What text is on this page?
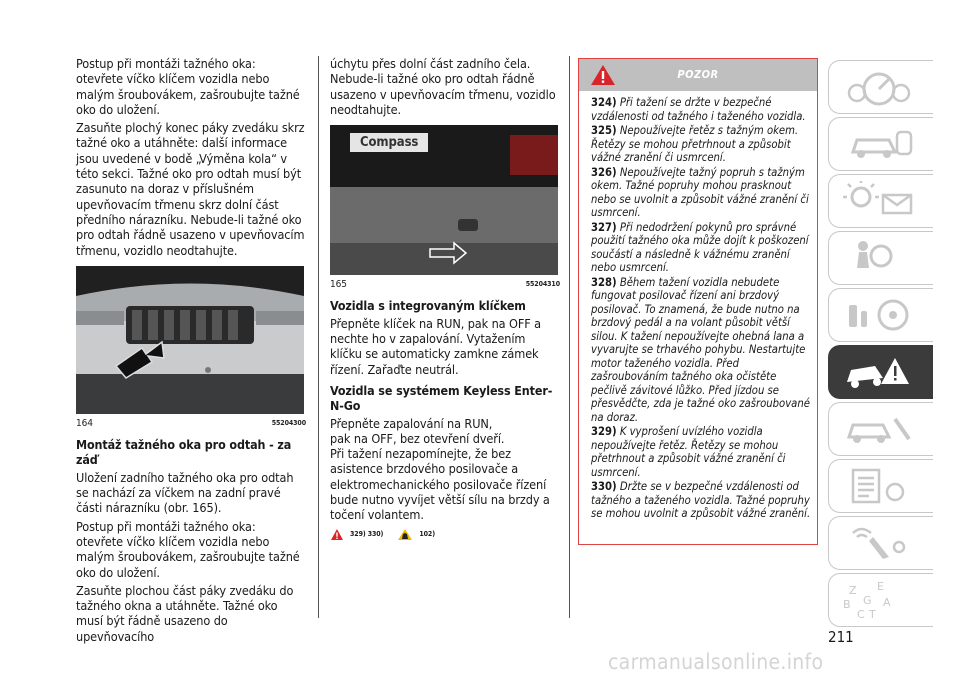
Postup při montáži tažného oka: otevřete víčko klíčem vozidla nebo malým šroubovákem, zašroubujte tažné oko do uložení.

Zasuňte plochý konec páky zvedáku skrz tažné oko a utáhněte: další informace jsou uvedené v bodě „Výměna kola“ v této sekci. Tažné oko pro odtah musí být zasunuto na doraz v příslušném upevňovacím třmenu skrz dolní část předního nárazníku. Nebude-li tažné oko pro odtah řádně usazeno v upevňovacím třmenu, vozidlo neodtahujte.

164	55204300
Montáž tažného oka pro odtah - za záď

Uložení zadního tažného oka pro odtah se nachází za víčkem na zadní pravé části nárazníku (obr. 165).

Postup při montáži tažného oka: otevřete víčko klíčem vozidla nebo malým šroubovákem, zašroubujte tažné oko do uložení.

Zasuňte plochou část páky zvedáku do tažného okna a utáhněte. Tažné oko musí být řádně usazeno do upevňovacího

úchytu přes dolní část zadního čela. Nebude-li tažné oko pro odtah řádně usazeno v upevňovacím třmenu, vozidlo neodtahujte.

Compass
165	55204310
Vozidla s integrovaným klíčkem

Přepněte klíček na RUN, pak na OFF a nechte ho v zapalování. Vytažením klíčku se automaticky zamkne zámek řízení. Zařaďte neutrál.

Vozidla se systémem Keyless Enter-N-Go

Přepněte zapalování na RUN,
pak na OFF, bez otevření dveří.
Při tažení nezapomínejte, že bez asistence brzdového posilovače a elektromechanického posilovače řízení bude nutno vyvíjet větší sílu na brzdy a točení volantem.

329) 330)	102)
POZOR

324) Při tažení se držte v bezpečné vzdálenosti od tažného i taženého vozidla.

325) Nepoužívejte řetěz s tažným okem. Řetězy se mohou přetrhnout a způsobit vážné zranění či usmrcení.

326) Nepoužívejte tažný popruh s tažným okem. Tažné popruhy mohou prasknout nebo se uvolnit a způsobit vážné zranění či usmrcení.

327) Při nedodržení pokynů pro správné použití tažného oka může dojít k poškození součástí a následně k vážnému zranění nebo usmrcení.

328) Během tažení vozidla nebudete fungovat posilovač řízení ani brzdový posilovač. To znamená, že bude nutno na brzdový pedál a na volant působit větší silou. K tažení nepoužívejte ohebná lana a vyvarujte se trhavého pohybu. Nestartujte motor taženého vozidla. Před zašroubováním tažného oka očistěte pečlivě závitové lůžko. Před jízdou se přesvědčte, zda je tažné oko zašroubované na doraz.

329) K vyprošení uvízlého vozidla nepoužívejte řetěz. Řetězy se mohou přetrhnout a způsobit vážné zranění či usmrcení.

330) Držte se v bezpečné vzdálenosti od tažného a taženého vozidla. Tažné popruhy se mohou uvolnit a způsobit vážné zranění.

Z E
B G A
C T
211
carmanualsonline.info
